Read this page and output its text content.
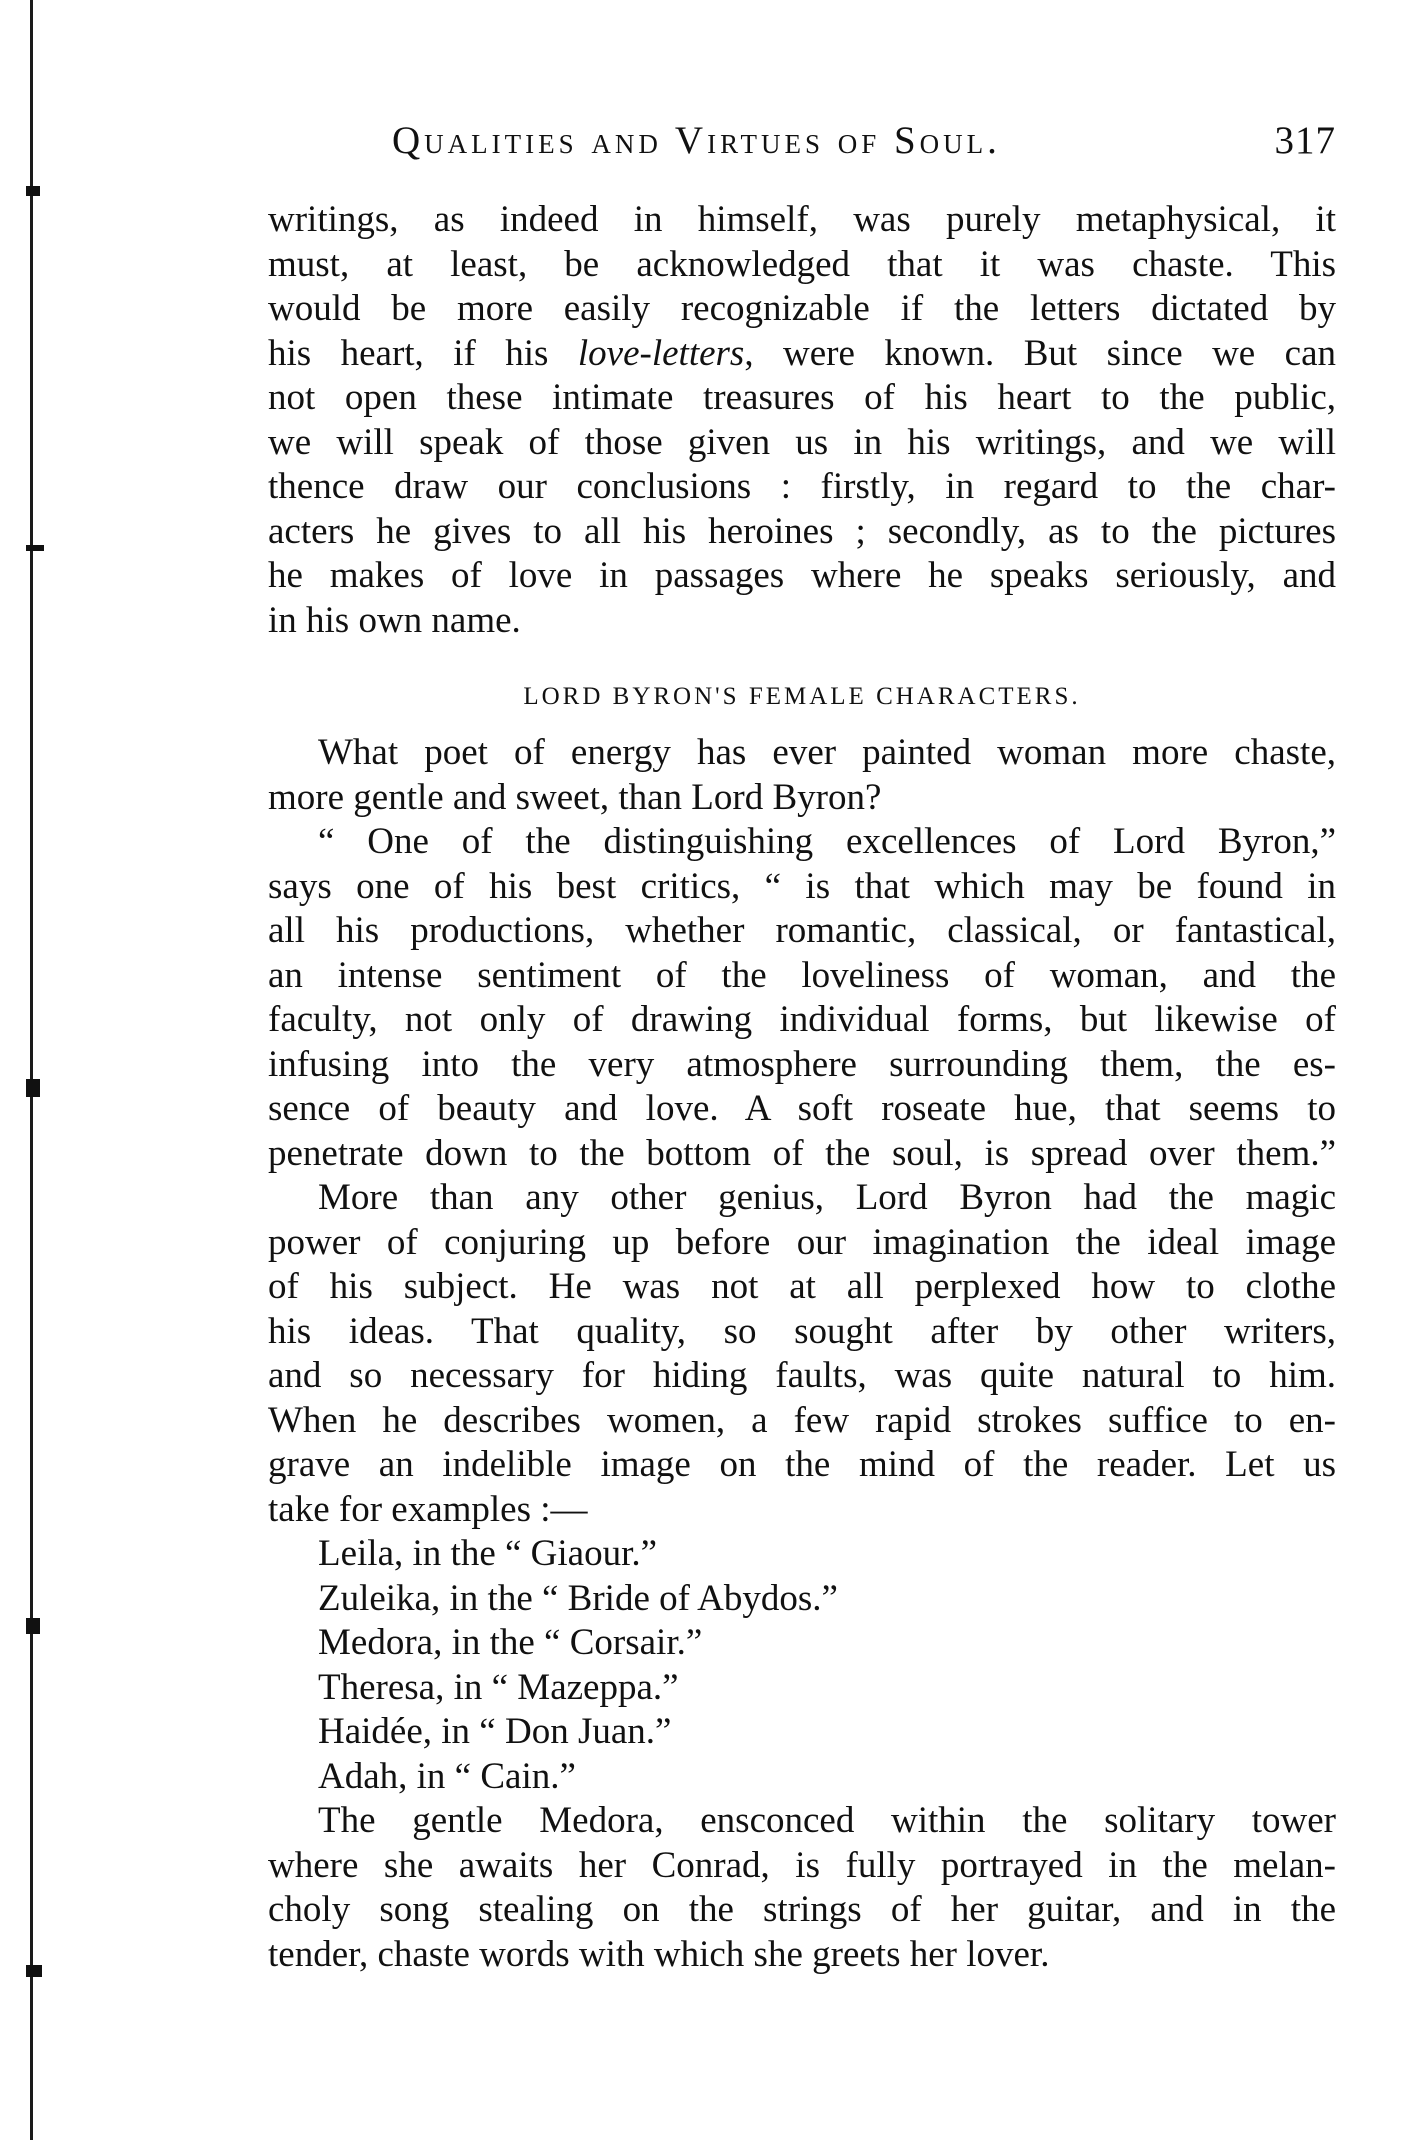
Qualities and Virtues of Soul.	317
writings, as indeed in himself, was purely metaphysical, it
must, at least, be acknowledged that it was chaste. This
would be more easily recognizable if the letters dictated by
his heart, if his love-letters, were known. But since we can
not open these intimate treasures of his heart to the public,
we will speak of those given us in his writings, and we will
thence draw our conclusions : firstly, in regard to the char-
acters he gives to all his heroines ; secondly, as to the pictures
he makes of love in passages where he speaks seriously, and
in his own name.
LORD BYRON'S FEMALE CHARACTERS.
What poet of energy has ever painted woman more chaste,
more gentle and sweet, than Lord Byron?
“ One of the distinguishing excellences of Lord Byron,”
says one of his best critics, “ is that which may be found in
all his productions, whether romantic, classical, or fantastical,
an intense sentiment of the loveliness of woman, and the
faculty, not only of drawing individual forms, but likewise of
infusing into the very atmosphere surrounding them, the es-
sence of beauty and love. A soft roseate hue, that seems to
penetrate down to the bottom of the soul, is spread over them.”
More than any other genius, Lord Byron had the magic
power of conjuring up before our imagination the ideal image
of his subject. He was not at all perplexed how to clothe
his ideas. That quality, so sought after by other writers,
and so necessary for hiding faults, was quite natural to him.
When he describes women, a few rapid strokes suffice to en-
grave an indelible image on the mind of the reader. Let us
take for examples :—
Leila, in the “ Giaour.”
Zuleika, in the “ Bride of Abydos.”
Medora, in the “ Corsair.”
Theresa, in “ Mazeppa.”
Haidée, in “ Don Juan.”
Adah, in “ Cain.”
The gentle Medora, ensconced within the solitary tower
where she awaits her Conrad, is fully portrayed in the melan-
choly song stealing on the strings of her guitar, and in the
tender, chaste words with which she greets her lover.
